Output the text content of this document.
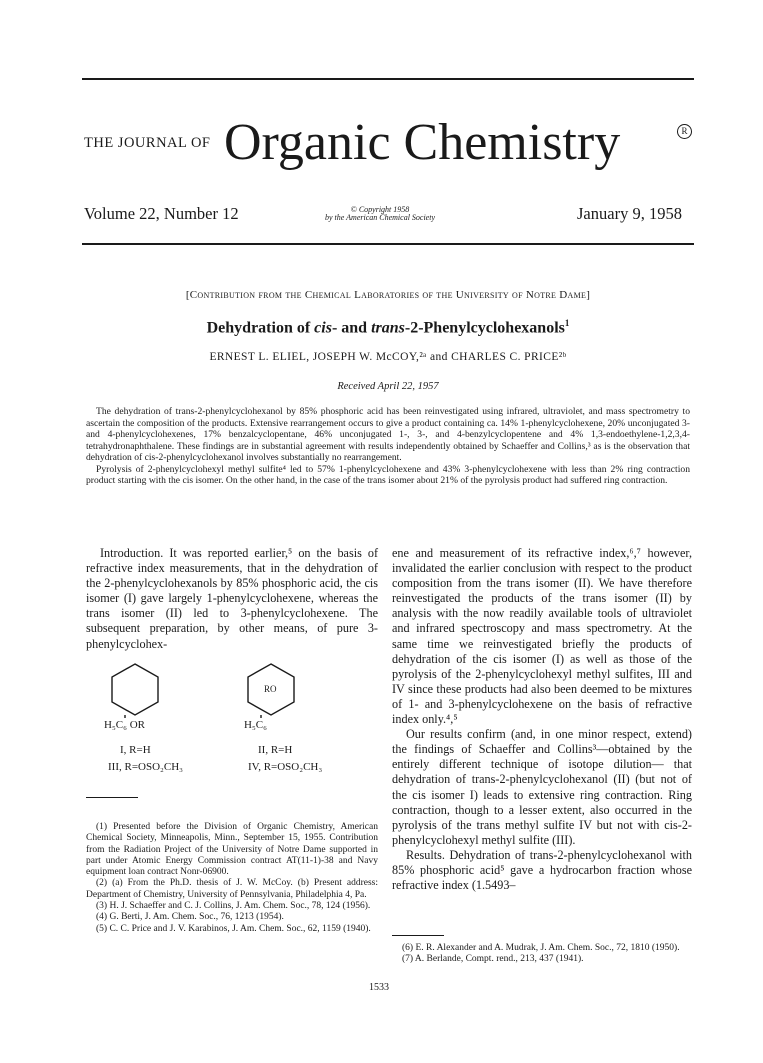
THE JOURNAL OF Organic Chemistry	R
Volume 22, Number 12	© Copyright 1958
by the American Chemical Society	January 9, 1958
[Contribution from the Chemical Laboratories of the University of Notre Dame]
Dehydration of cis- and trans-2-Phenylcyclohexanols$^1$
ERNEST L. ELIEL, JOSEPH W. McCOY,²ᵃ and CHARLES C. PRICE²ᵇ
Received April 22, 1957

The dehydration of trans-2-phenylcyclohexanol by 85% phosphoric acid has been reinvestigated using infrared, ultraviolet, and mass spectrometry to ascertain the composition of the products. Extensive rearrangement occurs to give a product containing ca. 14% 1-phenylcyclohexene, 20% unconjugated 3- and 4-phenylcyclohexenes, 17% benzalcyclopentane, 46% unconjugated 1-, 3-, and 4-benzylcyclopentene and 4% 1,3-endoethylene-1,2,3,4-tetrahydronaphthalene. These findings are in substantial agreement with results independently obtained by Schaeffer and Collins,³ as is the observation that dehydration of cis-2-phenylcyclohexanol involves substantially no rearrangement.

Pyrolysis of 2-phenylcyclohexyl methyl sulfite⁴ led to 57% 1-phenylcyclohexene and 43% 3-phenylcyclohexene with less than 2% ring contraction product starting with the cis isomer. On the other hand, in the case of the trans isomer about 21% of the pyrolysis product had suffered ring contraction.

Introduction. It was reported earlier,⁵ on the basis of refractive index measurements, that in the dehydration of the 2-phenylcyclohexanols by 85% phosphoric acid, the cis isomer (I) gave largely 1-phenylcyclohexene, whereas the trans isomer (II) led to 3-phenylcyclohexene. The subsequent preparation, by other means, of pure 3-phenylcyclohex-

H₅C₆ OR
I, R=H
III, R=OSO₂CH₃
RO
H₅C₆
II, R=H
IV, R=OSO₂CH₃

(1) Presented before the Division of Organic Chemistry, American Chemical Society, Minneapolis, Minn., September 15, 1955. Contribution from the Radiation Project of the University of Notre Dame supported in part under Atomic Energy Commission contract AT(11-1)-38 and Navy equipment loan contract Nonr-06900.

(2) (a) From the Ph.D. thesis of J. W. McCoy. (b) Present address: Department of Chemistry, University of Pennsylvania, Philadelphia 4, Pa.

(3) H. J. Schaeffer and C. J. Collins, J. Am. Chem. Soc., 78, 124 (1956).

(4) G. Berti, J. Am. Chem. Soc., 76, 1213 (1954).

(5) C. C. Price and J. V. Karabinos, J. Am. Chem. Soc., 62, 1159 (1940).

ene and measurement of its refractive index,⁶,⁷ however, invalidated the earlier conclusion with respect to the product composition from the trans isomer (II). We have therefore reinvestigated the products of the trans isomer (II) by analysis with the now readily available tools of ultraviolet and infrared spectroscopy and mass spectrometry. At the same time we reinvestigated briefly the products of dehydration of the cis isomer (I) as well as those of the pyrolysis of the 2-phenylcyclohexyl methyl sulfites, III and IV since these products had also been deemed to be mixtures of 1- and 3-phenylcyclohexene on the basis of refractive index only.⁴,⁵

Our results confirm (and, in one minor respect, extend) the findings of Schaeffer and Collins³—obtained by the entirely different technique of isotope dilution— that dehydration of trans-2-phenylcyclohexanol (II) (but not of the cis isomer I) leads to extensive ring contraction. Ring contraction, though to a lesser extent, also occurred in the pyrolysis of the trans methyl sulfite IV but not with cis-2-phenylcyclohexyl methyl sulfite (III).

Results. Dehydration of trans-2-phenylcyclohexanol with 85% phosphoric acid⁵ gave a hydrocarbon fraction whose refractive index (1.5493–

(6) E. R. Alexander and A. Mudrak, J. Am. Chem. Soc., 72, 1810 (1950).

(7) A. Berlande, Compt. rend., 213, 437 (1941).

1533
